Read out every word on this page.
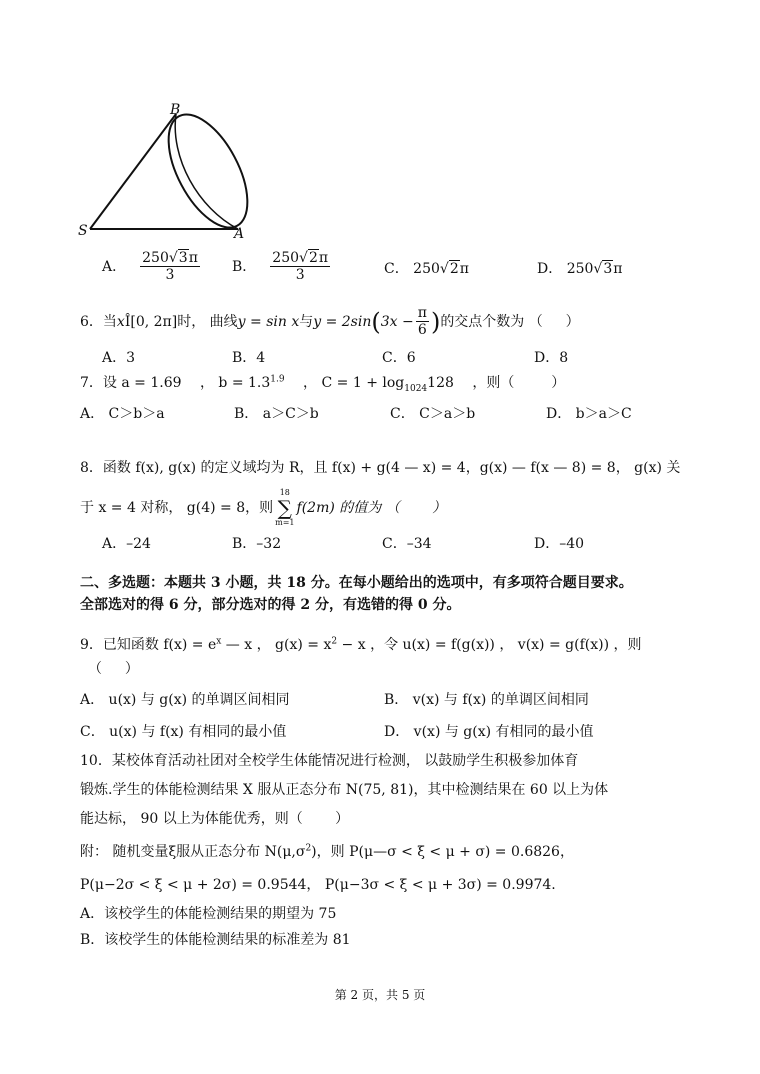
B
S	A
A． $\frac{250√3\pi}{3}$ B． $\frac{250√2\pi}{3}$	C． 250√2π	D． 250√3π
6．当 x Î [0, 2π] 时， 曲线 y = sin x 与 y = 2sin ( $3x - \frac{\pi}{6}$ ) 的交点个数为 （ 　 ）
A．3	B．4	C．6	D．8
7．设 a = 1.69 　， $b = 1.3^{1.9}$ 　， $C = 1 + \log_{1024}128$ 　，则（ 　　 ）
A． C＞b＞a	B． a＞C＞b	C． C＞a＞b	D． b＞a＞C
8．函数 f(x), g(x) 的定义域均为 R，且 f(x) + g(4 — x) = 4，g(x) — f(x — 8) = 8， g(x) 关
于 x = 4 对称， g(4) = 8，则
18
∑
m=1
f(2m) 的值为 （ 　　）
A．–24	B．–32	C．–34	D．–40
二、多选题：本题共 3 小题，共 18 分。在每小题给出的选项中，有多项符合题目要求。
全部选对的得 6 分，部分选对的得 2 分，有选错的得 0 分。
9．已知函数 $f(x) = e^x$ — x ， $g(x) = x^2 - x$ ，令 u(x) = f(g(x)) ， v(x) = g(f(x)) ，则
（ 　 ）
A． u(x) 与 g(x) 的单调区间相同	B． v(x) 与 f(x) 的单调区间相同
C． u(x) 与 f(x) 有相同的最小值	D． v(x) 与 g(x) 有相同的最小值
10．某校体育活动社团对全校学生体能情况进行检测， 以鼓励学生积极参加体育
锻炼.学生的体能检测结果 X 服从正态分布 N(75, 81)，其中检测结果在 60 以上为体
能达标， 90 以上为体能优秀，则（ 　　）
附： 随机变量ξ服从正态分布 $N(\mu,\sigma^2)$，则 P(μ—σ < ξ < μ + σ) = 0.6826，
P(μ−2σ < ξ < μ + 2σ) = 0.9544， P(μ−3σ < ξ < μ + 3σ) = 0.9974.
A．该校学生的体能检测结果的期望为 75
B．该校学生的体能检测结果的标准差为 81
第 2 页，共 5 页
